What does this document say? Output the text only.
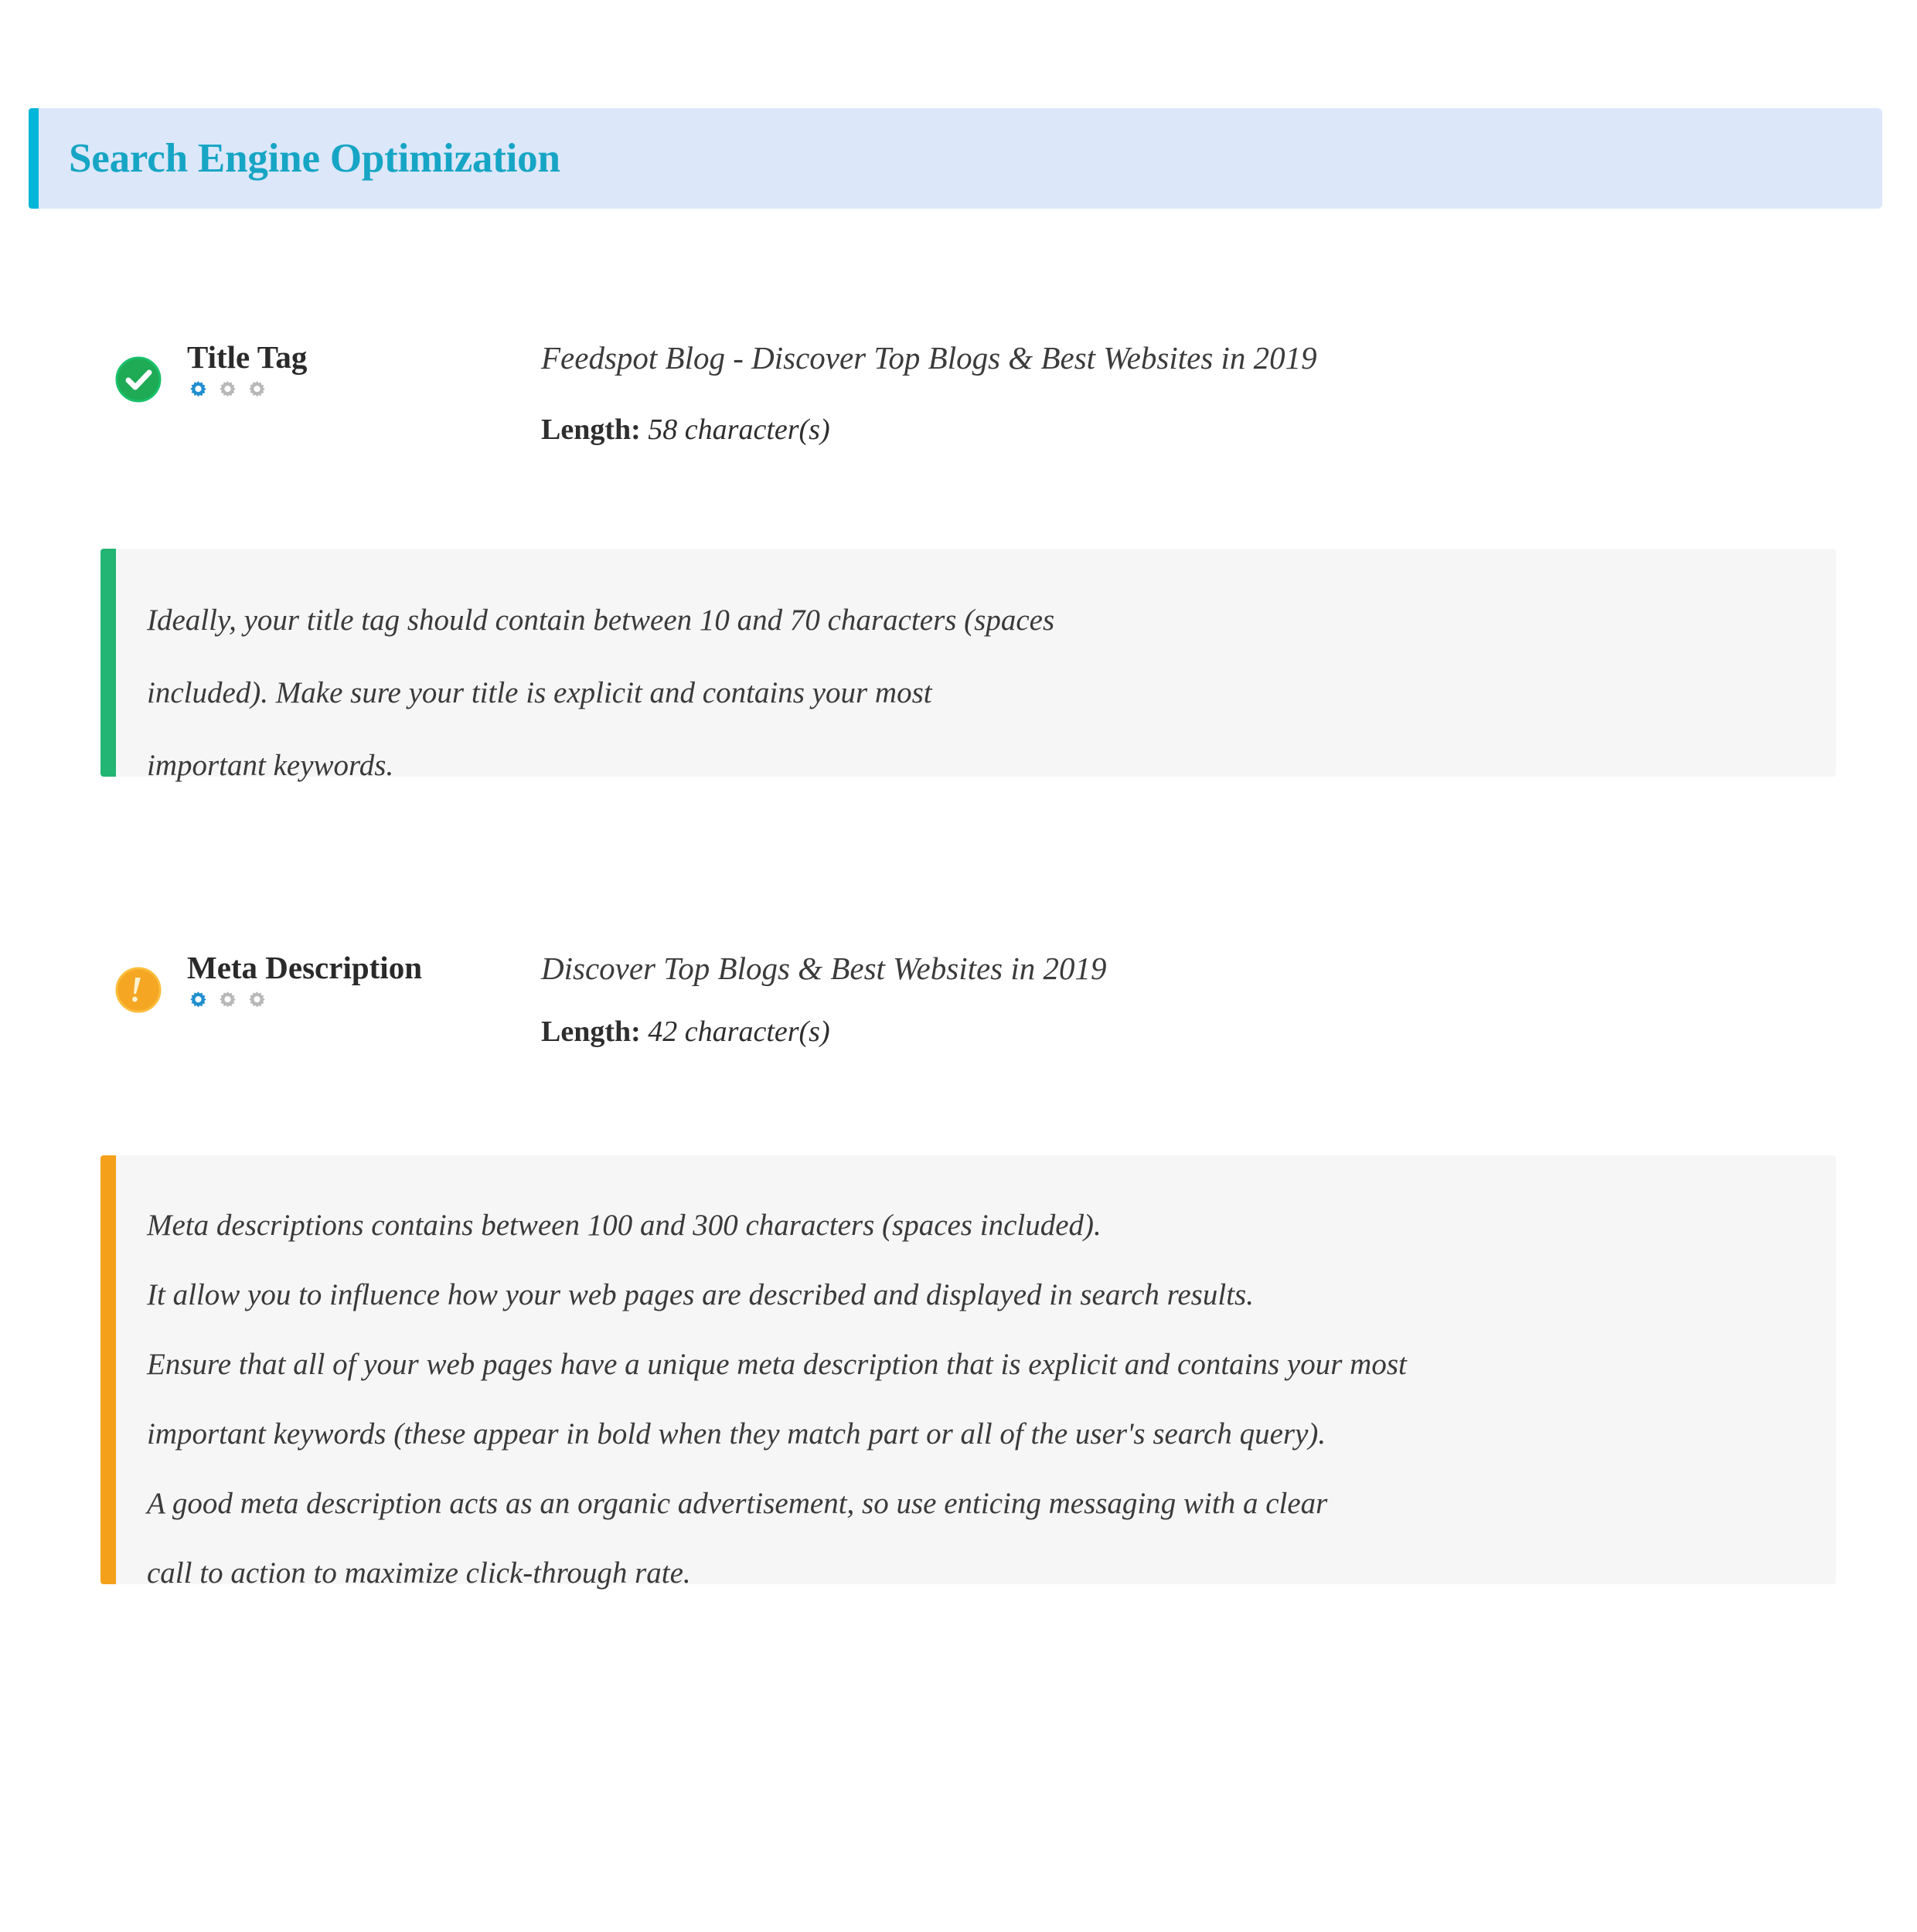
Search Engine Optimization
Title Tag	Feedspot Blog - Discover Top Blogs & Best Websites in 2019
Length: 58 character(s)
Ideally, your title tag should contain between 10 and 70 characters (spaces
included). Make sure your title is explicit and contains your most
important keywords.
Meta Description	Discover Top Blogs & Best Websites in 2019
Length: 42 character(s)
Meta descriptions contains between 100 and 300 characters (spaces included).
It allow you to influence how your web pages are described and displayed in search results.
Ensure that all of your web pages have a unique meta description that is explicit and contains your most
important keywords (these appear in bold when they match part or all of the user's search query).
A good meta description acts as an organic advertisement, so use enticing messaging with a clear
call to action to maximize click-through rate.
